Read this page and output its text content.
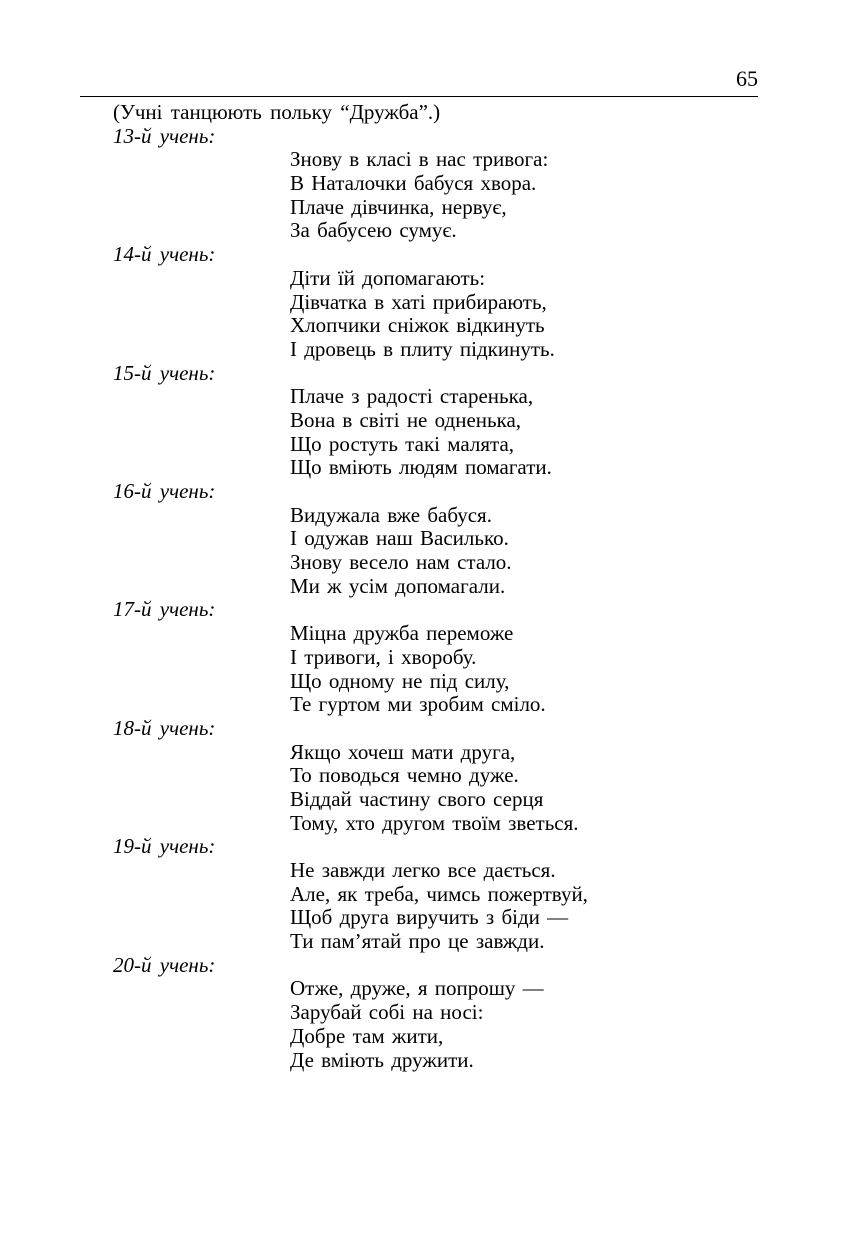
65
(Учні танцюють польку “Дружба”.)
13-й учень:
Знову в класі в нас тривога:
В Наталочки бабуся хвора.
Плаче дівчинка, нервує,
За бабусею сумує.
14-й учень:
Діти їй допомагають:
Дівчатка в хаті прибирають,
Хлопчики сніжок відкинуть
І дровець в плиту підкинуть.
15-й учень:
Плаче з радості старенька,
Вона в світі не одненька,
Що ростуть такі малята,
Що вміють людям помагати.
16-й учень:
Видужала вже бабуся.
І одужав наш Василько.
Знову весело нам стало.
Ми ж усім допомагали.
17-й учень:
Міцна дружба переможе
І тривоги, і хворобу.
Що одному не під силу,
Те гуртом ми зробим сміло.
18-й учень:
Якщо хочеш мати друга,
То поводься чемно дуже.
Віддай частину свого серця
Тому, хто другом твоїм зветься.
19-й учень:
Не завжди легко все дається.
Але, як треба, чимсь пожертвуй,
Щоб друга виручить з біди —
Ти пам’ятай про це завжди.
20-й учень:
Отже, друже, я попрошу —
Зарубай собі на носі:
Добре там жити,
Де вміють дружити.
